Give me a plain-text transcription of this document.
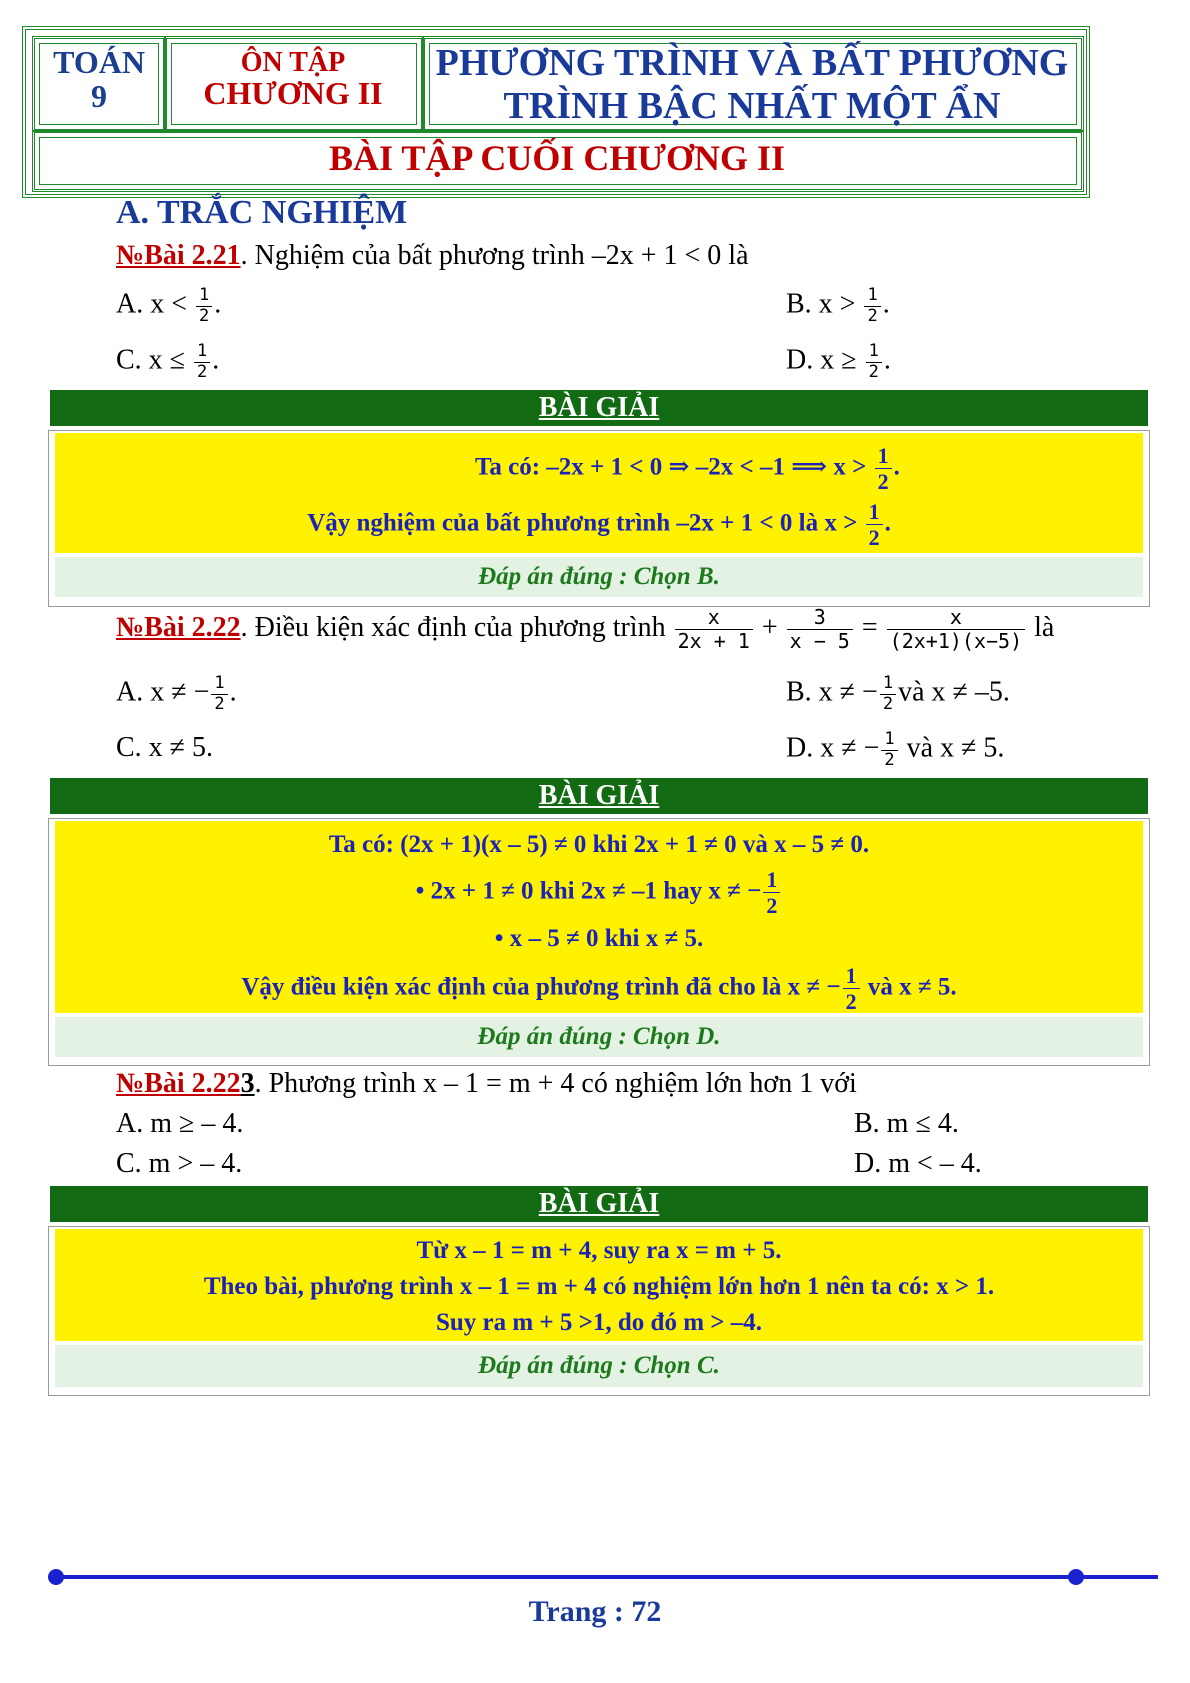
TOÁN
9
ÔN TẬP
CHƯƠNG II
PHƯƠNG TRÌNH VÀ BẤT PHƯƠNG
TRÌNH BẬC NHẤT MỘT ẨN
BÀI TẬP CUỐI CHƯƠNG II
A. TRẮC NGHIỆM
№Bài 2.21. Nghiệm của bất phương trình –2x + 1 < 0 là
A. $x < \frac{1}{2}$ .	B. $x > \frac{1}{2}$ .
C. $x \le \frac{1}{2}$ .	D. $x \ge \frac{1}{2}$ .
BÀI GIẢI
Ta có: –2x + 1 < 0 ⇒ –2x < –1 ⟹ $x > \frac{1}{2}$ .
Vậy nghiệm của bất phương trình –2x + 1 < 0 là $x > \frac{1}{2}$ .
Đáp án đúng : Chọn B.
№Bài 2.22. Điều kiện xác định của phương trình $\frac{x}{2x + 1} + \frac{3}{x - 5} = \frac{x}{(2x+1)(x-5)}$ là
A. x ≠ − $\frac{1}{2}$ .	B. x ≠ − $\frac{1}{2}$ và x ≠ –5.
C. x ≠ 5.	D. x ≠ − $\frac{1}{2}$ và x ≠ 5.
BÀI GIẢI
Ta có: (2x + 1)(x – 5) ≠ 0 khi 2x + 1 ≠ 0 và x – 5 ≠ 0.
• 2x + 1 ≠ 0 khi 2x ≠ –1 hay x ≠ − $\frac{1}{2}$
• x – 5 ≠ 0 khi x ≠ 5.
Vậy điều kiện xác định của phương trình đã cho là x ≠ − $\frac{1}{2}$ và x ≠ 5.
Đáp án đúng : Chọn D.
№Bài 2.223. Phương trình x – 1 = m + 4 có nghiệm lớn hơn 1 với
A. m ≥ – 4.	B. m ≤ 4.
C. m > – 4.	D. m < – 4.
BÀI GIẢI
Từ x – 1 = m + 4, suy ra x = m + 5.
Theo bài, phương trình x – 1 = m + 4 có nghiệm lớn hơn 1 nên ta có: x > 1.
Suy ra m + 5 >1, do đó m > –4.
Đáp án đúng : Chọn C.
Trang : 72
